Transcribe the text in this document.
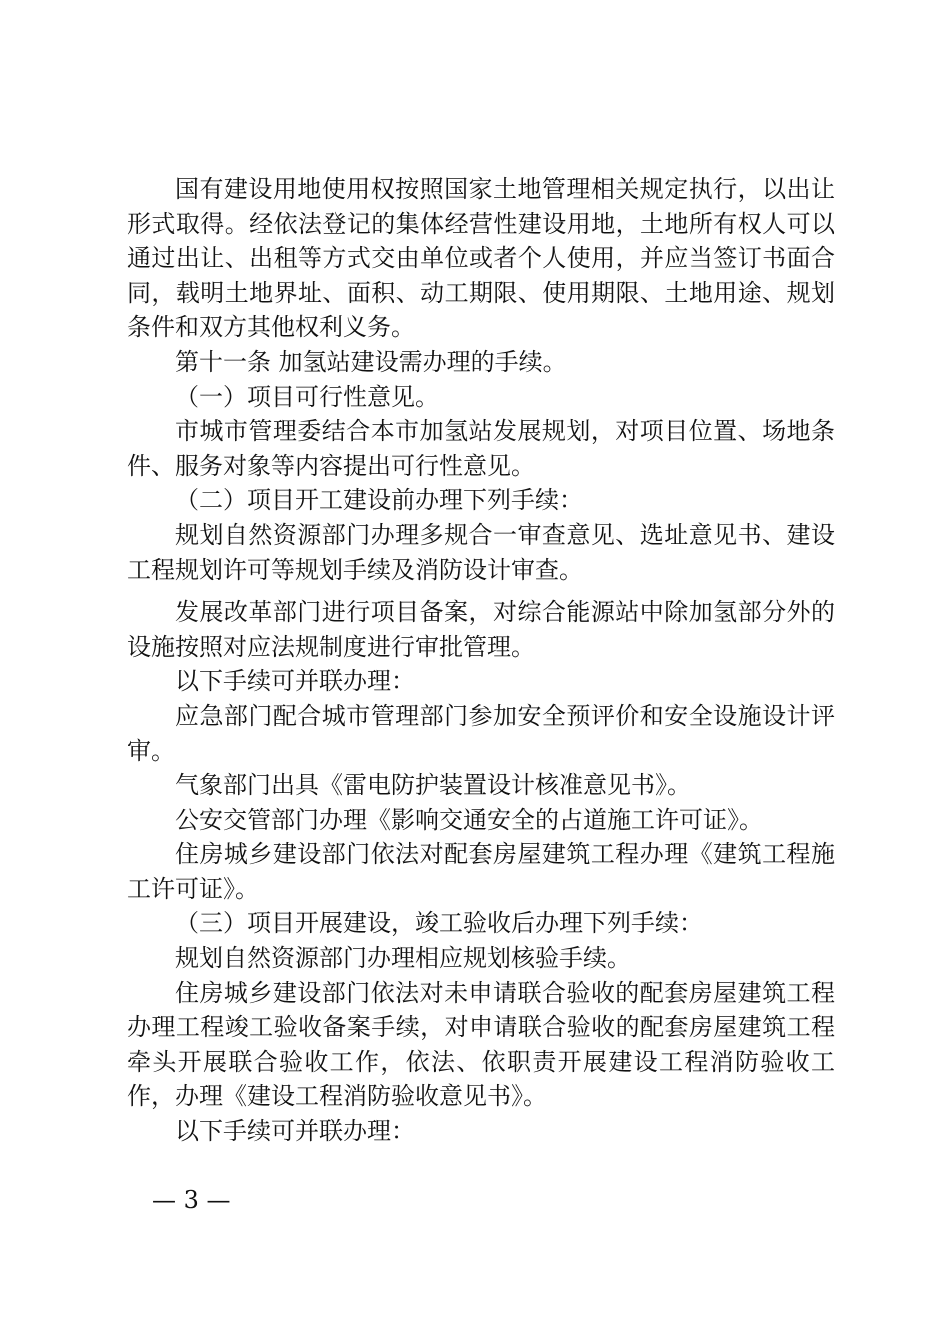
国有建设用地使用权按照国家土地管理相关规定执行，以出让形式取得。经依法登记的集体经营性建设用地，土地所有权人可以通过出让、出租等方式交由单位或者个人使用，并应当签订书面合同，载明土地界址、面积、动工期限、使用期限、土地用途、规划条件和双方其他权利义务。

第十一条 加氢站建设需办理的手续。

（一）项目可行性意见。

市城市管理委结合本市加氢站发展规划，对项目位置、场地条件、服务对象等内容提出可行性意见。

（二）项目开工建设前办理下列手续：

规划自然资源部门办理多规合一审查意见、选址意见书、建设工程规划许可等规划手续及消防设计审查。

发展改革部门进行项目备案，对综合能源站中除加氢部分外的设施按照对应法规制度进行审批管理。

以下手续可并联办理：

应急部门配合城市管理部门参加安全预评价和安全设施设计评审。

气象部门出具《雷电防护装置设计核准意见书》。

公安交管部门办理《影响交通安全的占道施工许可证》。

住房城乡建设部门依法对配套房屋建筑工程办理《建筑工程施工许可证》。

（三）项目开展建设，竣工验收后办理下列手续：

规划自然资源部门办理相应规划核验手续。

住房城乡建设部门依法对未申请联合验收的配套房屋建筑工程办理工程竣工验收备案手续，对申请联合验收的配套房屋建筑工程牵头开展联合验收工作，依法、依职责开展建设工程消防验收工作，办理《建设工程消防验收意见书》。

以下手续可并联办理：

— 3 —
